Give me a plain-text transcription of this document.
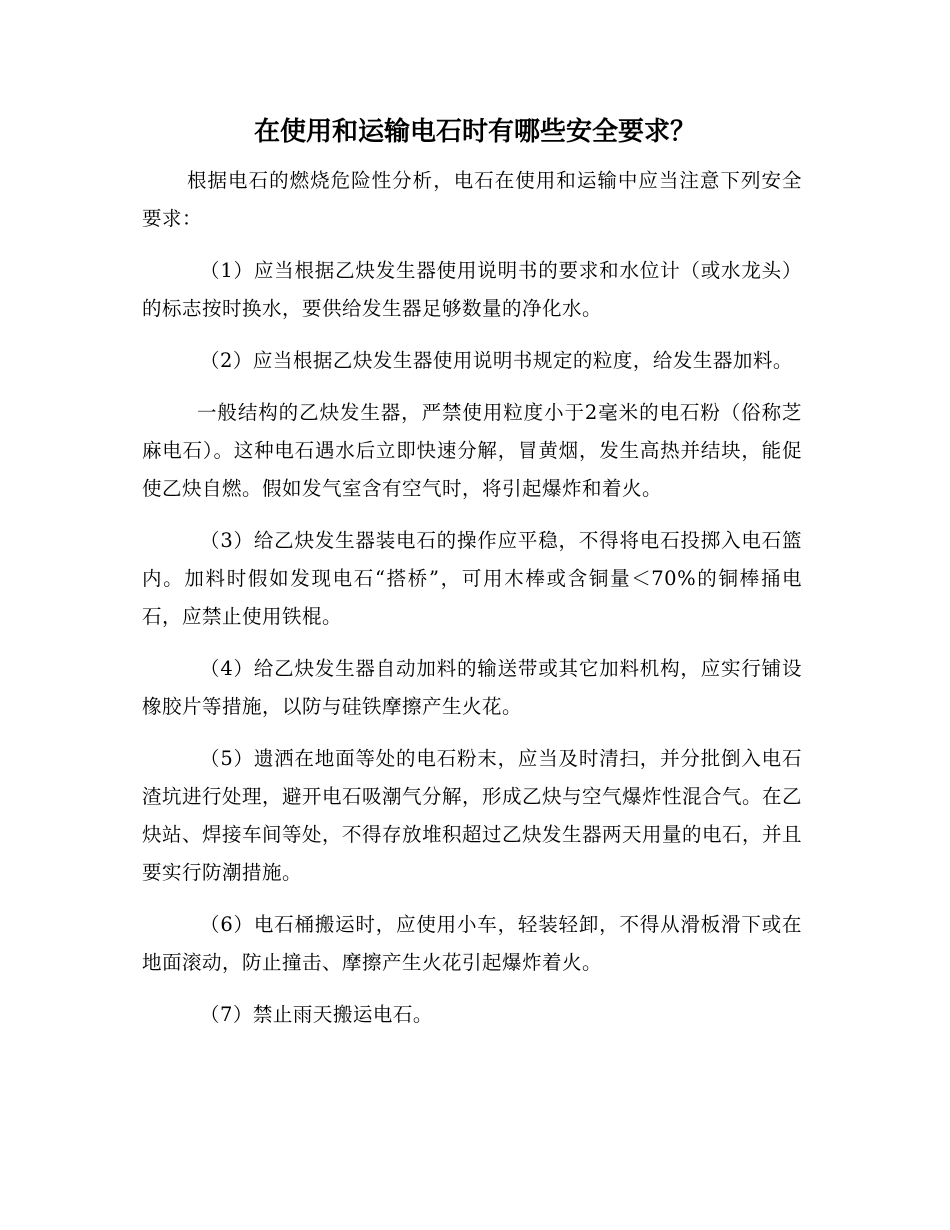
在使用和运输电石时有哪些安全要求？

根据电石的燃烧危险性分析，电石在使用和运输中应当注意下列安全要求：

（1）应当根据乙炔发生器使用说明书的要求和水位计（或水龙头）的标志按时换水，要供给发生器足够数量的净化水。

（2）应当根据乙炔发生器使用说明书规定的粒度，给发生器加料。

一般结构的乙炔发生器，严禁使用粒度小于2毫米的电石粉（俗称芝麻电石）。这种电石遇水后立即快速分解，冒黄烟，发生高热并结块，能促使乙炔自燃。假如发气室含有空气时，将引起爆炸和着火。

（3）给乙炔发生器装电石的操作应平稳，不得将电石投掷入电石篮内。加料时假如发现电石“搭桥”，可用木棒或含铜量＜70%的铜棒捅电石，应禁止使用铁棍。

（4）给乙炔发生器自动加料的输送带或其它加料机构，应实行铺设橡胶片等措施，以防与硅铁摩擦产生火花。

（5）遗洒在地面等处的电石粉末，应当及时清扫，并分批倒入电石渣坑进行处理，避开电石吸潮气分解，形成乙炔与空气爆炸性混合气。在乙炔站、焊接车间等处，不得存放堆积超过乙炔发生器两天用量的电石，并且要实行防潮措施。

（6）电石桶搬运时，应使用小车，轻装轻卸，不得从滑板滑下或在地面滚动，防止撞击、摩擦产生火花引起爆炸着火。

（7）禁止雨天搬运电石。
